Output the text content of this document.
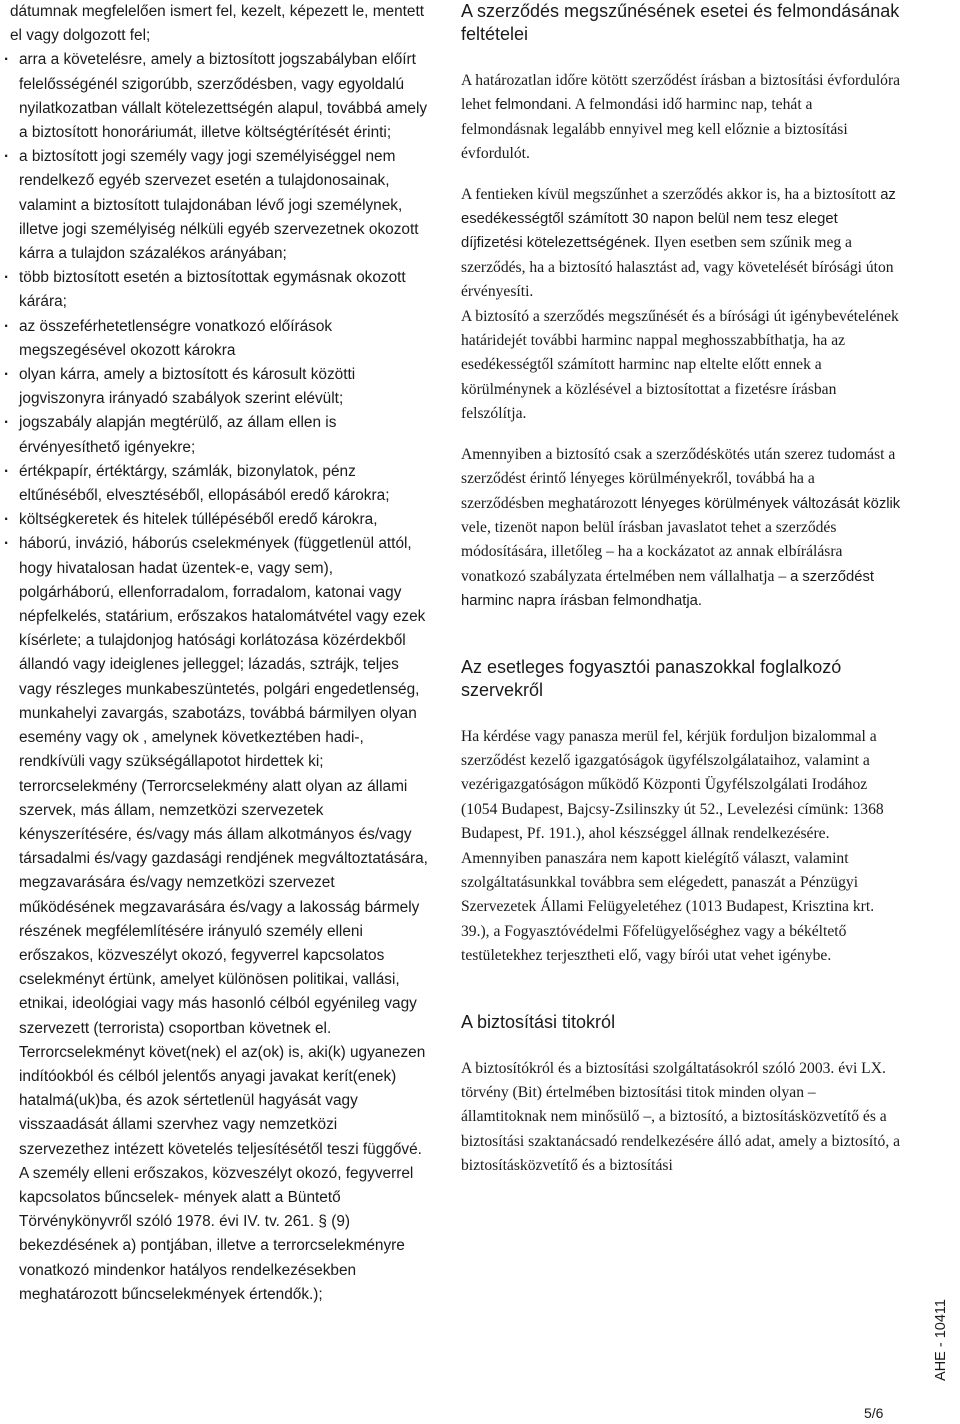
dátumnak megfelelően ismert fel, kezelt, képezett le, mentett el vagy dolgozott fel;

· arra a követelésre, amely a biztosított jogszabályban előírt felelősségénél szigorúbb, szerződésben, vagy egyoldalú nyilatkozatban vállalt kötelezettségén alapul, továbbá amely a biztosított honoráriumát, illetve költségtérítését érinti;

· a biztosított jogi személy vagy jogi személyiséggel nem rendelkező egyéb szervezet esetén a tulajdonosainak, valamint a biztosított tulajdonában lévő jogi személynek, illetve jogi személyiség nélküli egyéb szervezetnek okozott kárra a tulajdon százalékos arányában;

· több biztosított esetén a biztosítottak egymásnak okozott kárára;

· az összeférhetetlenségre vonatkozó előírások megszegésével okozott károkra

· olyan kárra, amely a biztosított és károsult közötti jogviszonyra irányadó szabályok szerint elévült;

· jogszabály alapján megtérülő, az állam ellen is érvényesíthető igényekre;

· értékpapír, értéktárgy, számlák, bizonylatok, pénz eltűnéséből, elvesztéséből, ellopásából eredő károkra;

· költségkeretek és hitelek túllépéséből eredő károkra,

· háború, invázió, háborús cselekmények (függetlenül attól, hogy hivatalosan hadat üzentek-e, vagy sem), polgárháború, ellenforradalom, forradalom, katonai vagy népfelkelés, statárium, erőszakos hatalomátvétel vagy ezek kísérlete; a tulajdonjog hatósági korlátozása közérdekből állandó vagy ideiglenes jelleggel; lázadás, sztrájk, teljes vagy részleges munkabeszüntetés, polgári engedetlenség, munkahelyi zavargás, szabotázs, továbbá bármilyen olyan esemény vagy ok , amelynek következtében hadi-, rendkívüli vagy szükségállapotot hirdettek ki; terrorcselekmény (Terrorcselekmény alatt olyan az állami szervek, más állam, nemzetközi szervezetek kényszerítésére, és/vagy más állam alkotmányos és/vagy társadalmi és/vagy gazdasági rendjének megváltoztatására, megzavarására és/vagy nemzetközi szervezet működésének megzavarására és/vagy a lakosság bármely részének megfélemlítésére irányuló személy elleni erőszakos, közveszélyt okozó, fegyverrel kapcsolatos cselekményt értünk, amelyet különösen politikai, vallási, etnikai, ideológiai vagy más hasonló célból egyénileg vagy szervezett (terrorista) csoportban követnek el. Terrorcselekményt követ(nek) el az(ok) is, aki(k) ugyanezen indítóokból és célból jelentős anyagi javakat kerít(enek) hatalmá(uk)ba, és azok sértetlenül hagyását vagy visszaadását állami szervhez vagy nemzetközi szervezethez intézett követelés teljesítésétől teszi függővé. A személy elleni erőszakos, közveszélyt okozó, fegyverrel kapcsolatos bűncselek- mények alatt a Büntető Törvénykönyvről szóló 1978. évi IV. tv. 261. § (9) bekezdésének a) pontjában, illetve a terrorcselekményre vonatkozó mindenkor hatályos rendelkezésekben meghatározott bűncselekmények értendők.);

A szerződés megszűnésének esetei és felmondásának feltételei

A határozatlan időre kötött szerződést írásban a biztosítási évfordulóra lehet felmondani. A felmondási idő harminc nap, tehát a felmondásnak legalább ennyivel meg kell előznie a biztosítási évfordulót.

A fentieken kívül megszűnhet a szerződés akkor is, ha a biztosított az esedékességtől számított 30 napon belül nem tesz eleget díjfizetési kötelezettségének. Ilyen esetben sem szűnik meg a szerződés, ha a biztosító halasztást ad, vagy követelését bírósági úton érvényesíti.

A biztosító a szerződés megszűnését és a bírósági út igénybevételének határidejét további harminc nappal meghosszabbíthatja, ha az esedékességtől számított harminc nap eltelte előtt ennek a körülménynek a közlésével a biztosítottat a fizetésre írásban felszólítja.

Amennyiben a biztosító csak a szerződéskötés után szerez tudomást a szerződést érintő lényeges körülményekről, továbbá ha a szerződésben meghatározott lényeges körülmények változását közlik vele, tizenöt napon belül írásban javaslatot tehet a szerződés módosítására, illetőleg – ha a kockázatot az annak elbírálásra vonatkozó szabályzata értelmében nem vállalhatja – a szerződést harminc napra írásban felmondhatja.

Az esetleges fogyasztói panaszokkal foglalkozó szervekről

Ha kérdése vagy panasza merül fel, kérjük forduljon bizalommal a szerződést kezelő igazgatóságok ügyfélszolgálataihoz, valamint a vezérigazgatóságon működő Központi Ügyfélszolgálati Irodához (1054 Budapest, Bajcsy-Zsilinszky út 52., Levelezési címünk: 1368 Budapest, Pf. 191.), ahol készséggel állnak rendelkezésére.

Amennyiben panaszára nem kapott kielégítő választ, valamint szolgáltatásunkkal továbbra sem elégedett, panaszát a Pénzügyi Szervezetek Állami Felügyeletéhez (1013 Budapest, Krisztina krt. 39.), a Fogyasztóvédelmi Főfelügyelőséghez vagy a békéltető testületekhez terjesztheti elő, vagy bírói utat vehet igénybe.

A biztosítási titokról

A biztosítókról és a biztosítási szolgáltatásokról szóló 2003. évi LX. törvény (Bit) értelmében biztosítási titok minden olyan – államtitoknak nem minősülő –, a biztosító, a biztosításközvetítő és a biztosítási szaktanácsadó rendelkezésére álló adat, amely a biztosító, a biztosításközvetítő és a biztosítási

AHE - 10411
5/6
